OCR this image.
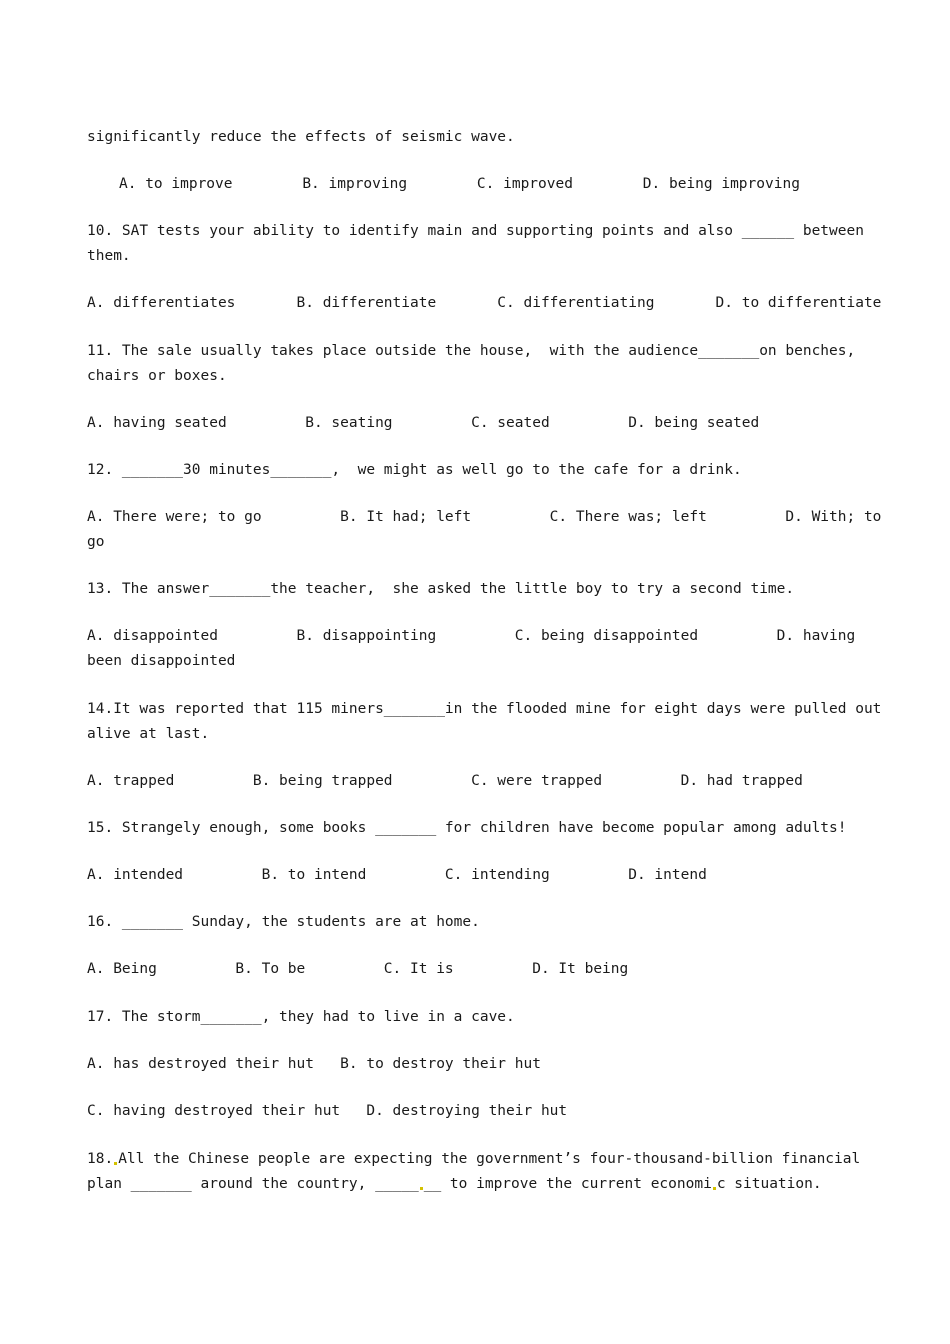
significantly reduce the effects of seismic wave.
A. to improve        B. improving        C. improved        D. being improving
10. SAT tests your ability to identify main and supporting points and also ______ between
them.
A. differentiates       B. differentiate       C. differentiating       D. to differentiate
11. The sale usually takes place outside the house,  with the audience_______on benches,
chairs or boxes.
A. having seated         B. seating         C. seated         D. being seated
12. _______30 minutes_______,  we might as well go to the cafe for a drink.
A. There were; to go         B. It had; left         C. There was; left         D. With; to
go
13. The answer_______the teacher,  she asked the little boy to try a second time.
A. disappointed         B. disappointing         C. being disappointed         D. having
been disappointed
14.It was reported that 115 miners_______in the flooded mine for eight days were pulled out
alive at last.
A. trapped         B. being trapped         C. were trapped         D. had trapped
15. Strangely enough, some books _______ for children have become popular among adults!
A. intended         B. to intend         C. intending         D. intend
16. _______ Sunday, the students are at home.
A. Being         B. To be         C. It is         D. It being
17. The storm_______, they had to live in a cave.
A. has destroyed their hut   B. to destroy their hut
C. having destroyed their hut   D. destroying their hut
18. All the Chinese people are expecting the government’s four-thousand-billion financial
plan _______ around the country, _____ __ to improve the current economi c situation.
